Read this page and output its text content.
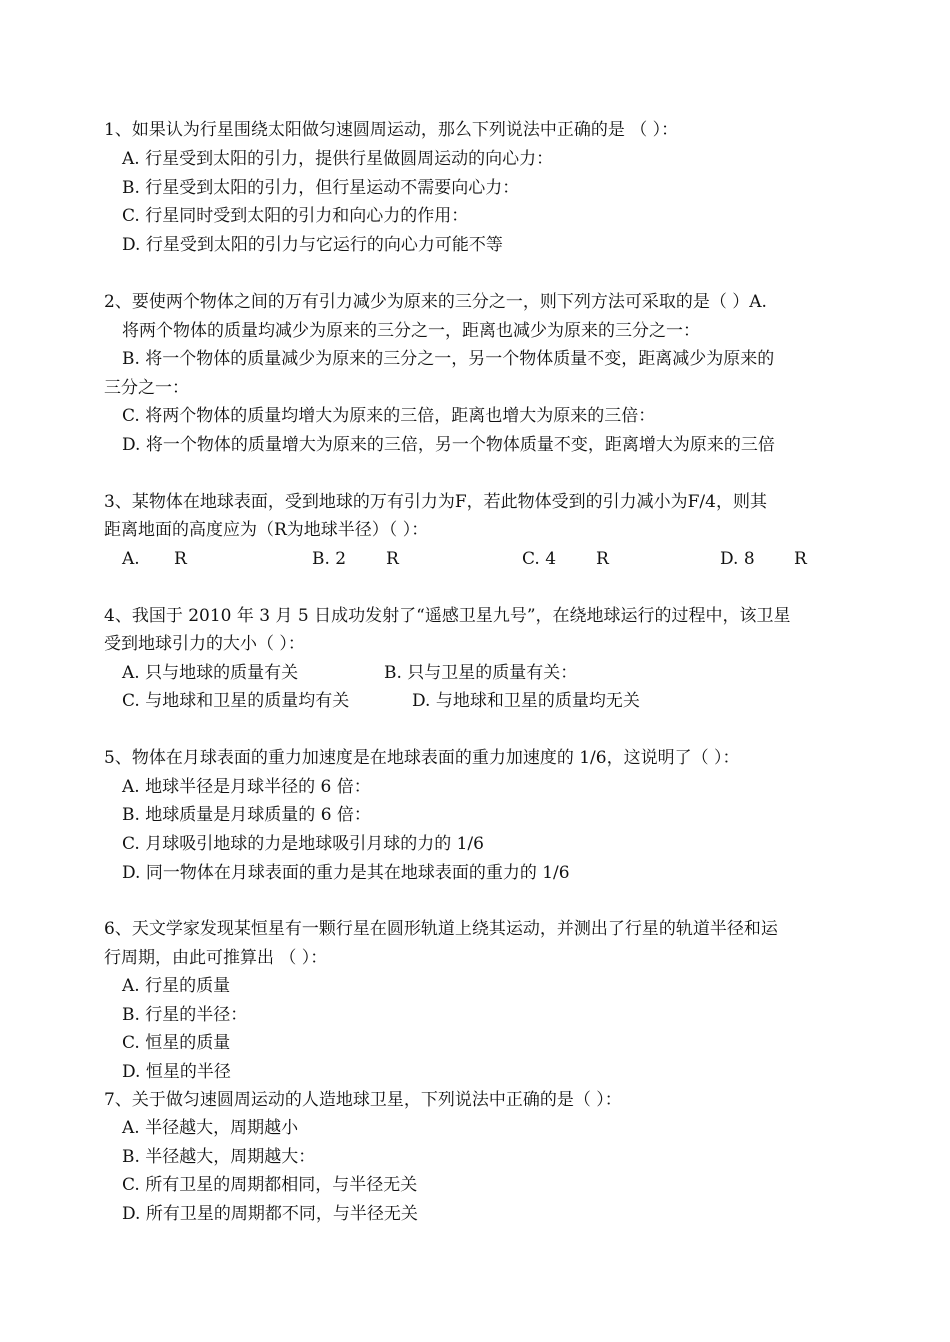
1、如果认为行星围绕太阳做匀速圆周运动，那么下列说法中正确的是 （ ）：
A. 行星受到太阳的引力，提供行星做圆周运动的向心力：
B. 行星受到太阳的引力，但行星运动不需要向心力：
C. 行星同时受到太阳的引力和向心力的作用：
D. 行星受到太阳的引力与它运行的向心力可能不等
2、要使两个物体之间的万有引力减少为原来的三分之一，则下列方法可采取的是（ ）A.
将两个物体的质量均减少为原来的三分之一，距离也减少为原来的三分之一：
B. 将一个物体的质量减少为原来的三分之一，另一个物体质量不变，距离减少为原来的
三分之一：
C. 将两个物体的质量均增大为原来的三倍，距离也增大为原来的三倍：
D. 将一个物体的质量增大为原来的三倍，另一个物体质量不变，距离增大为原来的三倍
3、某物体在地球表面，受到地球的万有引力为F，若此物体受到的引力减小为F/4，则其
距离地面的高度应为（R为地球半径）（ ）：

A.

R

	B. 2

R

	C. 4

R

	D. 8

R

4、我国于 2010 年 3 月 5 日成功发射了“遥感卫星九号”，在绕地球运行的过程中，该卫星
受到地球引力的大小（ ）：
A. 只与地球的质量有关	B. 只与卫星的质量有关：
C. 与地球和卫星的质量均有关	D. 与地球和卫星的质量均无关
5、物体在月球表面的重力加速度是在地球表面的重力加速度的 1/6，这说明了（ ）：
A. 地球半径是月球半径的 6 倍：
B. 地球质量是月球质量的 6 倍：
C. 月球吸引地球的力是地球吸引月球的力的 1/6
D. 同一物体在月球表面的重力是其在地球表面的重力的 1/6
6、天文学家发现某恒星有一颗行星在圆形轨道上绕其运动，并测出了行星的轨道半径和运
行周期，由此可推算出 （ ）：
A. 行星的质量
B. 行星的半径：
C. 恒星的质量
D. 恒星的半径
7、关于做匀速圆周运动的人造地球卫星，下列说法中正确的是（ ）：
A. 半径越大，周期越小
B. 半径越大，周期越大：
C. 所有卫星的周期都相同，与半径无关
D. 所有卫星的周期都不同，与半径无关
